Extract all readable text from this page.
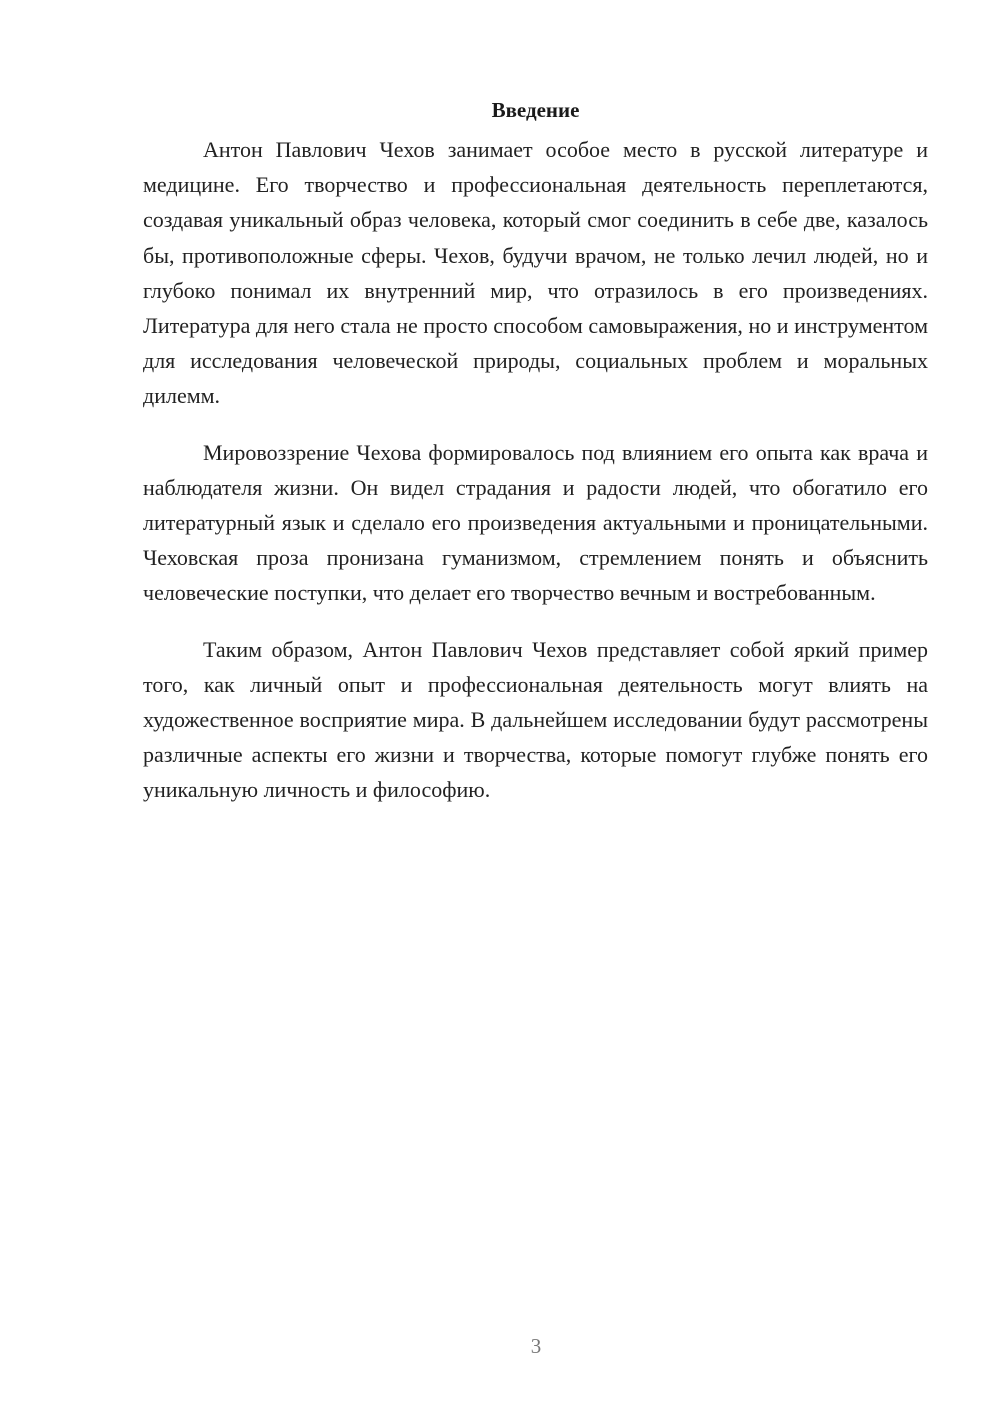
Введение

Антон Павлович Чехов занимает особое место в русской литературе и медицине. Его творчество и профессиональная деятельность переплетаются, создавая уникальный образ человека, который смог соединить в себе две, казалось бы, противоположные сферы. Чехов, будучи врачом, не только лечил людей, но и глубоко понимал их внутренний мир, что отразилось в его произведениях. Литература для него стала не просто способом самовыражения, но и инструментом для исследования человеческой природы, социальных проблем и моральных дилемм.

Мировоззрение Чехова формировалось под влиянием его опыта как врача и наблюдателя жизни. Он видел страдания и радости людей, что обогатило его литературный язык и сделало его произведения актуальными и проницательными. Чеховская проза пронизана гуманизмом, стремлением понять и объяснить человеческие поступки, что делает его творчество вечным и востребованным.

Таким образом, Антон Павлович Чехов представляет собой яркий пример того, как личный опыт и профессиональная деятельность могут влиять на художественное восприятие мира. В дальнейшем исследовании будут рассмотрены различные аспекты его жизни и творчества, которые помогут глубже понять его уникальную личность и философию.

3
